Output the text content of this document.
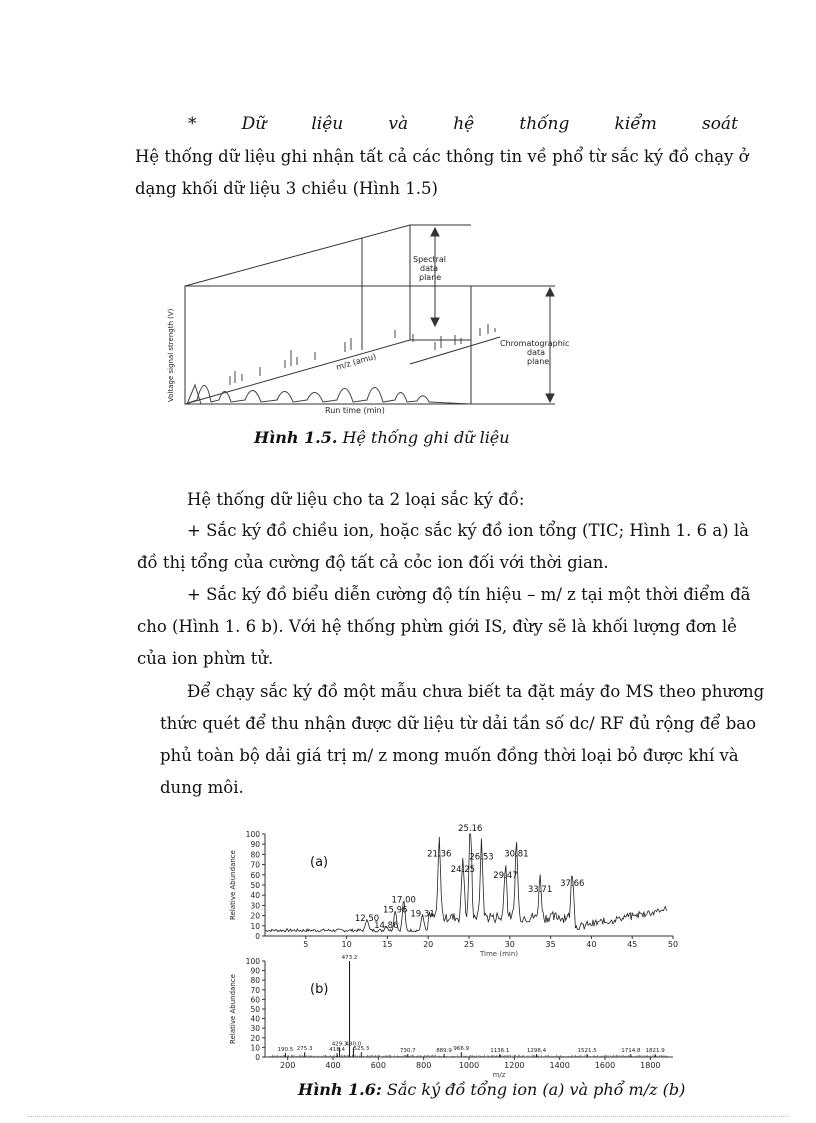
*	Dữ	liệu	và	hệ	thống	kiểm	soát
Hệ thống dữ liệu ghi nhận tất cả các thông tin về phổ từ sắc ký đồ chạy ở
dạng khối dữ liệu 3 chiều (Hình 1.5)
Spectral
data
plane
Chromatographic
data
plane
m/z (amu)
Run time (min)
Voltage signal strength (V)
Hình 1.5. Hệ thống ghi dữ liệu
Hệ thống dữ liệu cho ta 2 loại sắc ký đồ:
+ Sắc ký đồ chiều ion, hoặc sắc ký đồ ion tổng (TIC; Hình 1. 6 a) là
đồ thị tổng của cường độ tất cả cỏc ion đối với thời gian.
+ Sắc ký đồ biểu diễn cường độ tín hiệu – m/ z tại một thời điểm đã
cho (Hình 1. 6 b). Với hệ thống phừn giới IS, đừy sẽ là khối lượng đơn lẻ
của ion phừn tử.
Để chạy sắc ký đồ một mẫu chưa biết ta đặt máy đo MS theo phương
thức quét để thu nhận được dữ liệu từ dải tần số dc/ RF đủ rộng để bao
phủ toàn bộ dải giá trị m/ z mong muốn đồng thời loại bỏ được khí và
dung môi.
0
10
20
30
40
50
60
70
80
90
100
5	10	15	20	25	30	35	40	45	50
Relative Abundance
Time (min)
(a)
12.50
14.86
15.96
17.00
19.31
21.36
24.25
25.16
26.53
29.47
30.81
33.71
37.66
0
10
20
30
40
50
60
70
80
90
100
200	400	600	800	1000	1200	1400	1600	1800
Relative Abundance
m/z
(b)
190.5 275.3	418.4
429.3
473.2
490.0
525.3	730.7	889.9 966.9	1136.1	1298.4	1521.5	1714.8 1821.9
Hình 1.6: Sắc ký đồ tổng ion (a) và phổ m/z (b)
